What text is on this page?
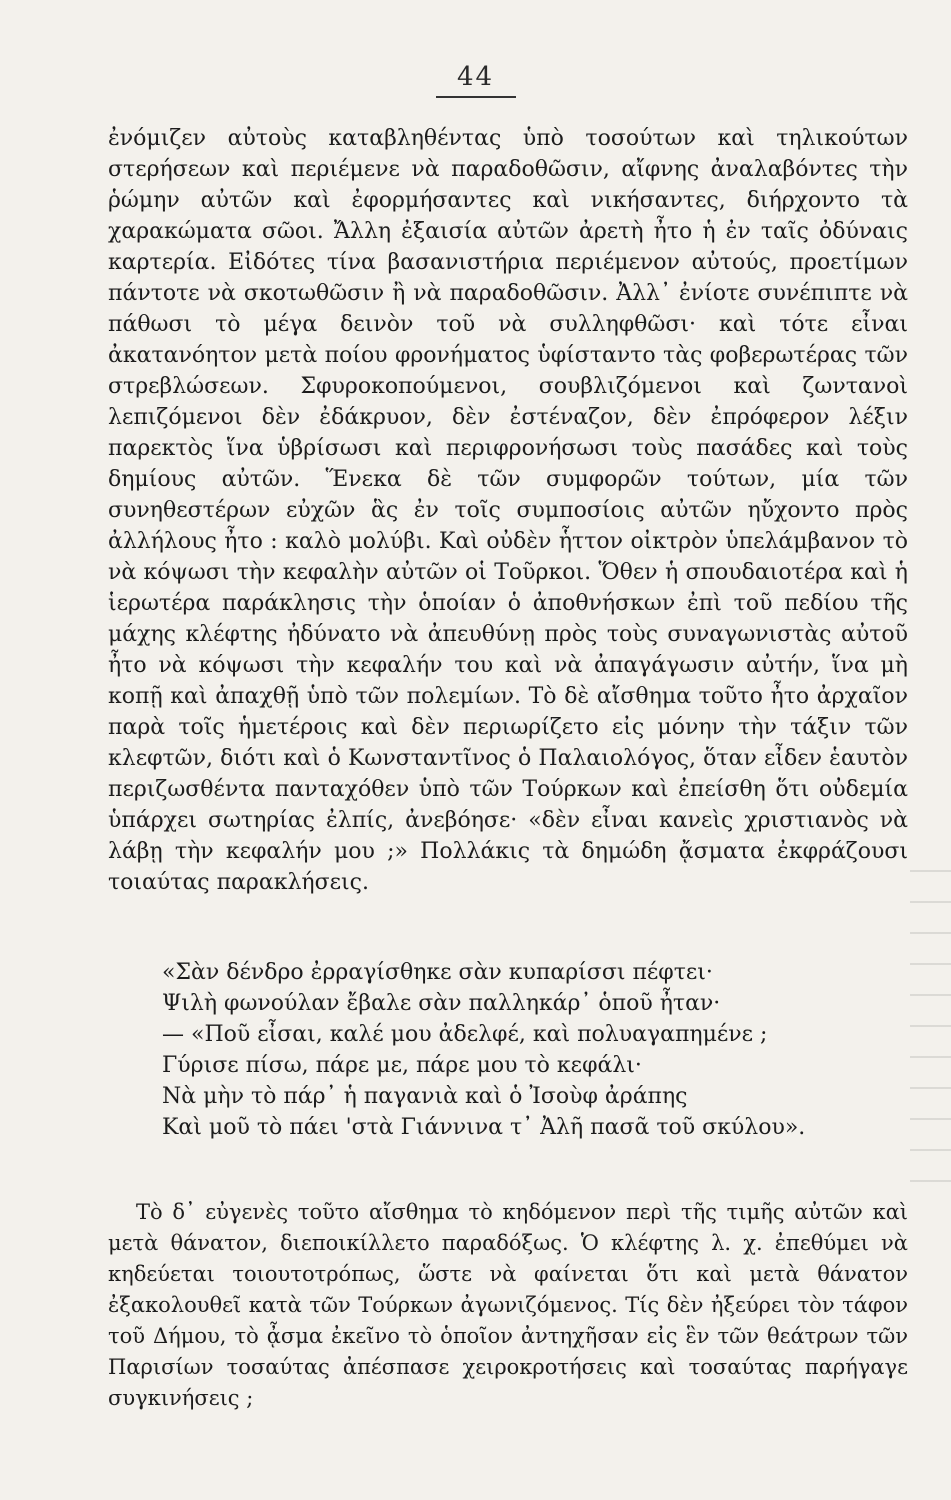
44

ἐνόμιζεν αὐτοὺς καταβληθέντας ὑπὸ τοσούτων καὶ τηλικούτων στερήσεων καὶ περιέμενε νὰ παραδοθῶσιν, αἴφνης ἀναλαβόντες τὴν ῥώμην αὐτῶν καὶ ἐφορμήσαντες καὶ νικήσαντες, διήρχοντο τὰ χαρακώματα σῶοι. Ἄλλη ἐξαισία αὐτῶν ἀρετὴ ἦτο ἡ ἐν ταῖς ὀδύναις καρτερία. Εἰδότες τίνα βασανιστήρια περιέμενον αὐτούς, προετίμων πάντοτε νὰ σκοτωθῶσιν ἢ νὰ παραδοθῶσιν. Ἀλλ᾽ ἐνίοτε συνέπιπτε νὰ πάθωσι τὸ μέγα δεινὸν τοῦ νὰ συλληφθῶσι· καὶ τότε εἶναι ἀκατανόητον μετὰ ποίου φρονήματος ὑφίσταντο τὰς φοβερωτέρας τῶν στρεβλώσεων. Σφυροκοπούμενοι, σουβλιζόμενοι καὶ ζωντανοὶ λεπιζόμενοι δὲν ἐδάκρυον, δὲν ἐστέναζον, δὲν ἐπρόφερον λέξιν παρεκτὸς ἵνα ὑβρίσωσι καὶ περιφρονήσωσι τοὺς πασάδες καὶ τοὺς δημίους αὐτῶν. Ἕνεκα δὲ τῶν συμφορῶν τούτων, μία τῶν συνηθεστέρων εὐχῶν ἃς ἐν τοῖς συμποσίοις αὐτῶν ηὔχοντο πρὸς ἀλλήλους ἦτο : καλὸ μολύβι. Καὶ οὐδὲν ἧττον οἰκτρὸν ὑπελάμβανον τὸ νὰ κόψωσι τὴν κεφαλὴν αὐτῶν οἱ Τοῦρκοι. Ὅθεν ἡ σπουδαιοτέρα καὶ ἡ ἱερωτέρα παράκλησις τὴν ὁποίαν ὁ ἀποθνήσκων ἐπὶ τοῦ πεδίου τῆς μάχης κλέφτης ἠδύνατο νὰ ἀπευθύνῃ πρὸς τοὺς συναγωνιστὰς αὐτοῦ ἦτο νὰ κόψωσι τὴν κεφαλήν του καὶ νὰ ἀπαγάγωσιν αὐτήν, ἵνα μὴ κοπῇ καὶ ἀπαχθῇ ὑπὸ τῶν πολεμίων. Τὸ δὲ αἴσθημα τοῦτο ἦτο ἀρχαῖον παρὰ τοῖς ἡμετέροις καὶ δὲν περιωρίζετο εἰς μόνην τὴν τάξιν τῶν κλεφτῶν, διότι καὶ ὁ Κωνσταντῖνος ὁ Παλαιολόγος, ὅταν εἶδεν ἑαυτὸν περιζωσθέντα πανταχόθεν ὑπὸ τῶν Τούρκων καὶ ἐπείσθη ὅτι οὐδεμία ὑπάρχει σωτηρίας ἐλπίς, ἀνεβόησε· «δὲν εἶναι κανεὶς χριστιανὸς νὰ λάβῃ τὴν κεφαλήν μου ;» Πολλάκις τὰ δημώδη ᾄσματα ἐκφράζουσι τοιαύτας παρακλήσεις.

«Σὰν δένδρο ἐρραγίσθηκε σὰν κυπαρίσσι πέφτει·
Ψιλὴ φωνούλαν ἔβαλε σὰν παλληκάρ᾽ ὁποῦ ἦταν·
— «Ποῦ εἶσαι, καλέ μου ἀδελφέ, καὶ πολυαγαπημένε ;
Γύρισε πίσω, πάρε με, πάρε μου τὸ κεφάλι·
Νὰ μὴν τὸ πάρ᾽ ἡ παγανιὰ καὶ ὁ Ἰσοὺφ ἀράπης
Καὶ μοῦ τὸ πάει 'στὰ Γιάννινα τ᾽ Ἀλῆ πασᾶ τοῦ σκύλου».

Τὸ δ᾽ εὐγενὲς τοῦτο αἴσθημα τὸ κηδόμενον περὶ τῆς τιμῆς αὐτῶν καὶ μετὰ θάνατον, διεποικίλλετο παραδόξως. Ὁ κλέφτης λ. χ. ἐπεθύμει νὰ κηδεύεται τοιουτοτρόπως, ὥστε νὰ φαίνεται ὅτι καὶ μετὰ θάνατον ἐξακολουθεῖ κατὰ τῶν Τούρκων ἀγωνιζόμενος. Τίς δὲν ἠξεύρει τὸν τάφον τοῦ Δήμου, τὸ ᾆσμα ἐκεῖνο τὸ ὁποῖον ἀντηχῆσαν εἰς ἓν τῶν θεάτρων τῶν Παρισίων τοσαύτας ἀπέσπασε χειροκροτήσεις καὶ τοσαύτας παρήγαγε συγκινήσεις ;
